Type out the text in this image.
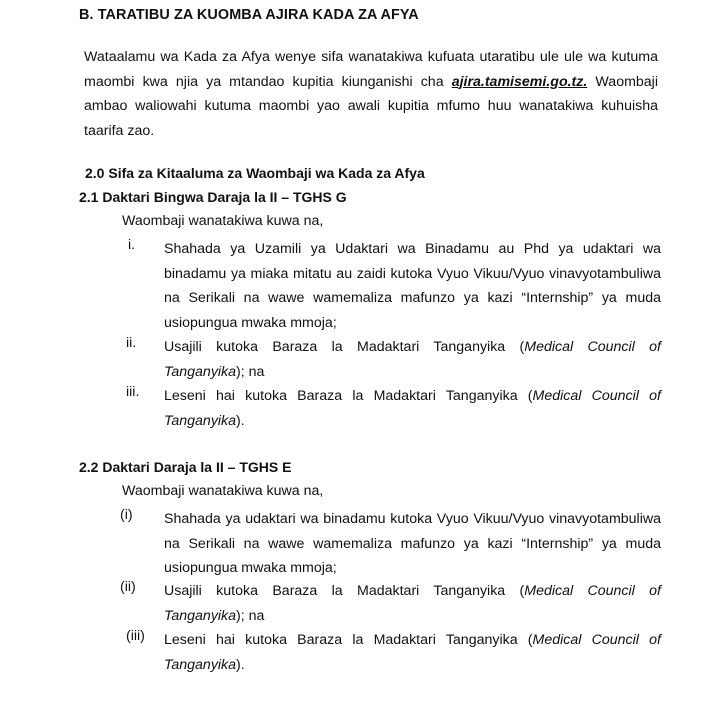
B. TARATIBU ZA KUOMBA AJIRA KADA ZA AFYA
Wataalamu wa Kada za Afya wenye sifa wanatakiwa kufuata utaratibu ule ule wa kutuma maombi kwa njia ya mtandao kupitia kiunganishi cha ajira.tamisemi.go.tz. Waombaji ambao waliowahi kutuma maombi yao awali kupitia mfumo huu wanatakiwa kuhuisha taarifa zao.
2.0 Sifa za Kitaaluma za Waombaji wa Kada za Afya
2.1 Daktari Bingwa Daraja la II – TGHS G
Waombaji wanatakiwa kuwa na,
i.	Shahada ya Uzamili ya Udaktari wa Binadamu au Phd ya udaktari wa binadamu ya miaka mitatu au zaidi kutoka Vyuo Vikuu/Vyuo vinavyotambuliwa na Serikali na wawe wamemaliza mafunzo ya kazi “Internship” ya muda usiopungua mwaka mmoja;
ii.	Usajili kutoka Baraza la Madaktari Tanganyika (Medical Council of Tanganyika); na
iii.	Leseni hai kutoka Baraza la Madaktari Tanganyika (Medical Council of Tanganyika).
2.2 Daktari Daraja la II – TGHS E
Waombaji wanatakiwa kuwa na,
(i)	Shahada ya udaktari wa binadamu kutoka Vyuo Vikuu/Vyuo vinavyotambuliwa na Serikali na wawe wamemaliza mafunzo ya kazi “Internship” ya muda usiopungua mwaka mmoja;
(ii)	Usajili kutoka Baraza la Madaktari Tanganyika (Medical Council of Tanganyika); na
(iii)	Leseni hai kutoka Baraza la Madaktari Tanganyika (Medical Council of Tanganyika).
